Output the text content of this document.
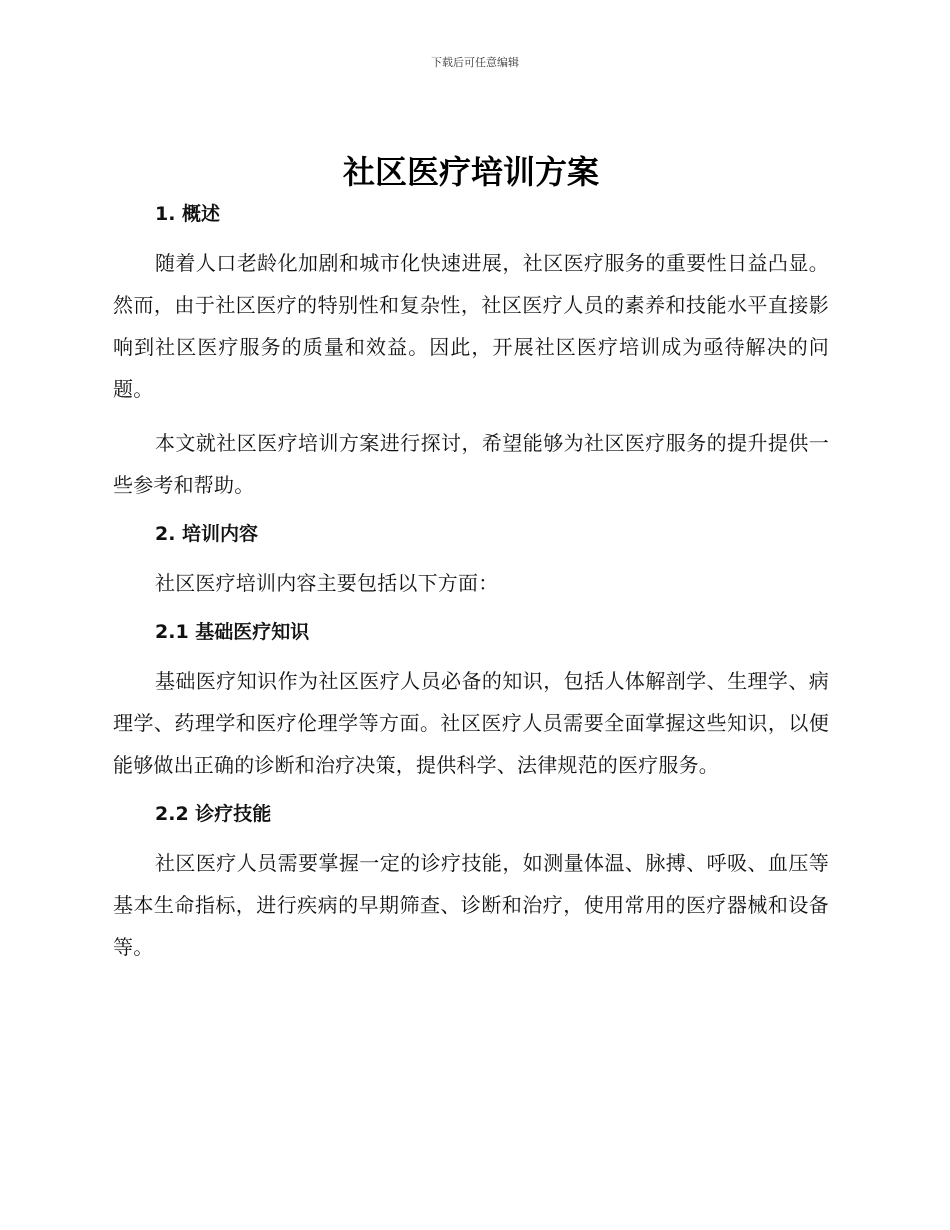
下载后可任意编辑
社区医疗培训方案
1. 概述

随着人口老龄化加剧和城市化快速进展，社区医疗服务的重要性日益凸显。然而，由于社区医疗的特别性和复杂性，社区医疗人员的素养和技能水平直接影响到社区医疗服务的质量和效益。因此，开展社区医疗培训成为亟待解决的问题。

本文就社区医疗培训方案进行探讨，希望能够为社区医疗服务的提升提供一些参考和帮助。

2. 培训内容

社区医疗培训内容主要包括以下方面：

2.1 基础医疗知识

基础医疗知识作为社区医疗人员必备的知识，包括人体解剖学、生理学、病理学、药理学和医疗伦理学等方面。社区医疗人员需要全面掌握这些知识，以便能够做出正确的诊断和治疗决策，提供科学、法律规范的医疗服务。

2.2 诊疗技能

社区医疗人员需要掌握一定的诊疗技能，如测量体温、脉搏、呼吸、血压等基本生命指标，进行疾病的早期筛查、诊断和治疗，使用常用的医疗器械和设备等。
